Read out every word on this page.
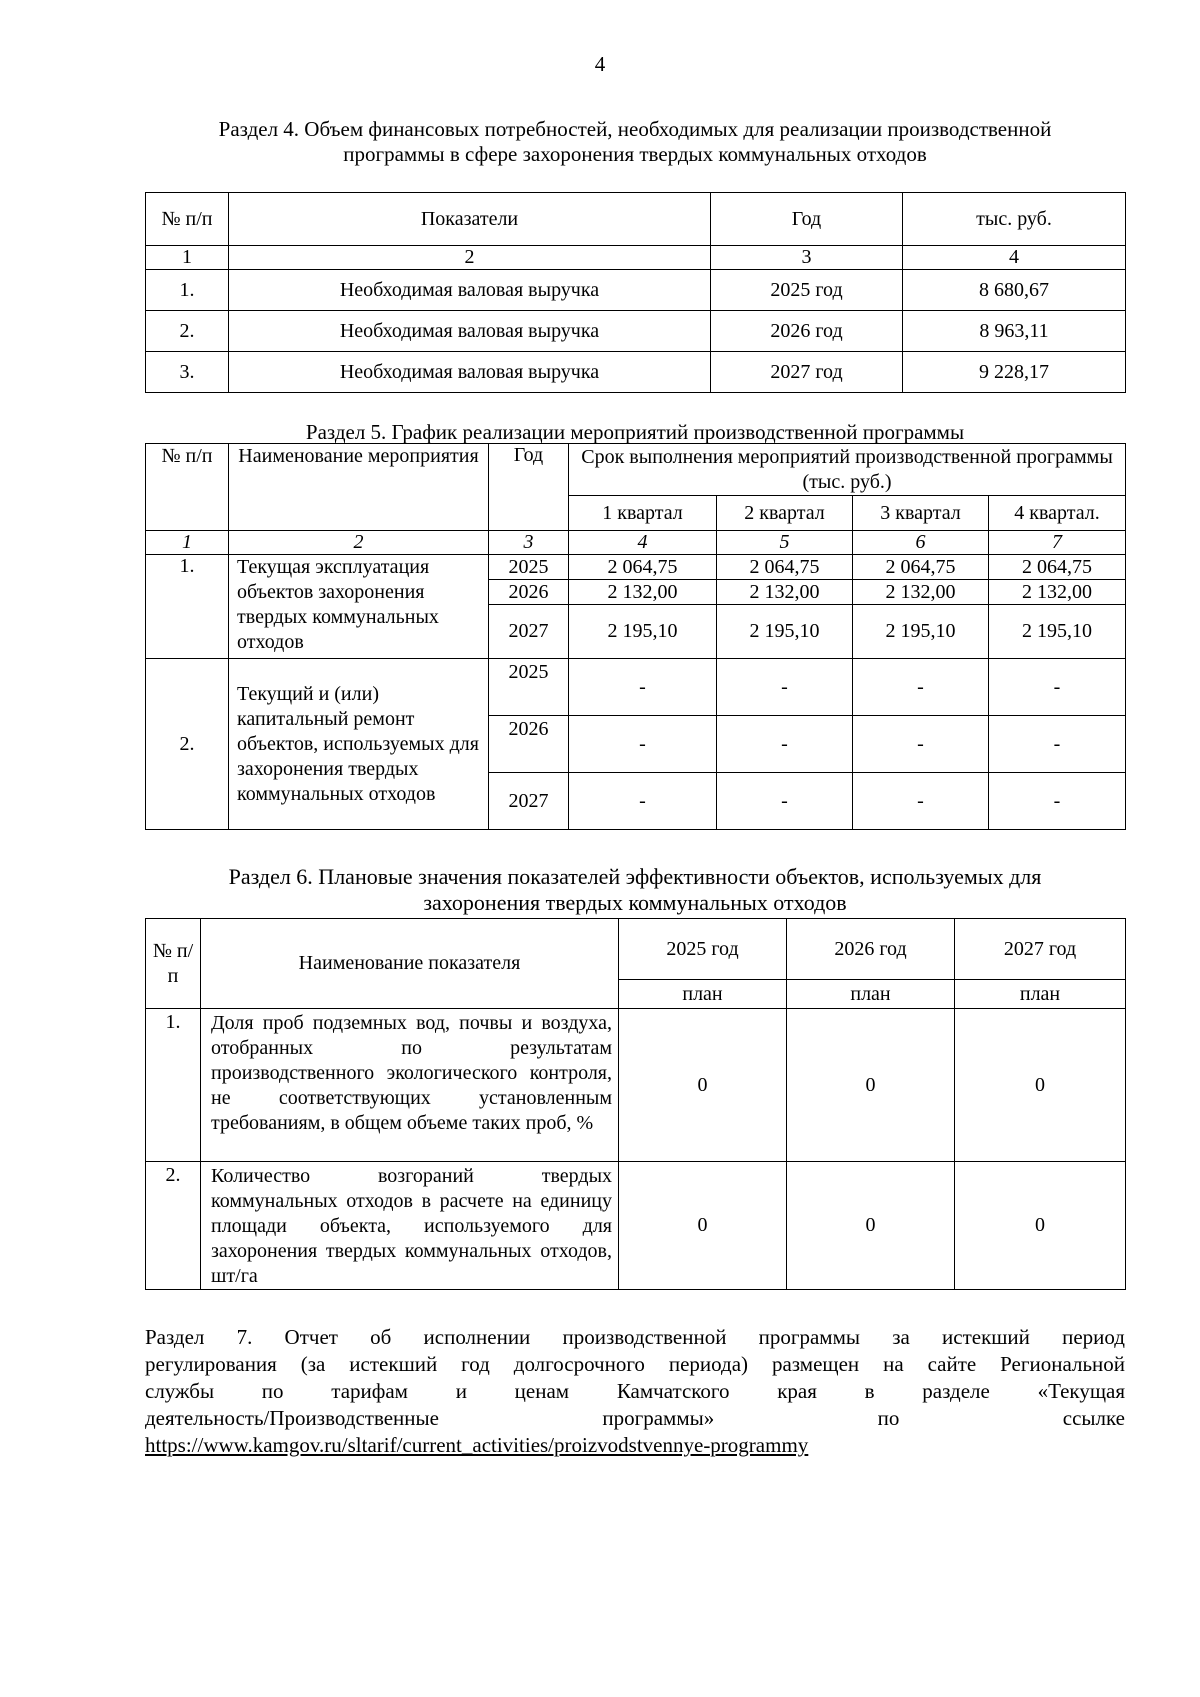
4
Раздел 4. Объем финансовых потребностей, необходимых для реализации производственной
программы в сфере захоронения твердых коммунальных отходов
№ п/п	Показатели	Год	тыс. руб.
1	2	3	4
1.	Необходимая валовая выручка	2025 год	8 680,67
2.	Необходимая валовая выручка	2026 год	8 963,11
3.	Необходимая валовая выручка	2027 год	9 228,17
Раздел 5. График реализации мероприятий производственной программы
№ п/п	Наименование мероприятия	Год	Срок выполнения мероприятий производственной программы (тыс. руб.)			
			1 квартал	2 квартал	3 квартал	4 квартал.
1	2	3	4	5	6	7
1.	Текущая эксплуатация объектов захоронения твердых коммунальных отходов	2025	2 064,75	2 064,75	2 064,75	2 064,75
		2026	2 132,00	2 132,00	2 132,00	2 132,00
		2027	2 195,10	2 195,10	2 195,10	2 195,10
2.	Текущий и (или) капитальный ремонт объектов, используемых для захоронения твердых коммунальных отходов	2025	-	-	-	-
		2026	-	-	-	-
		2027	-	-	-	-
Раздел 6. Плановые значения показателей эффективности объектов, используемых для
захоронения твердых коммунальных отходов
№ п/п	Наименование показателя	2025 год	2026 год	2027 год
		план	план	план
1.	Доля проб подземных вод, почвы и воздуха, отобранных по результатам производственного экологического контроля, не соответствующих установленным требованиям, в общем объеме таких проб, %	0	0	0
2.	Количество возгораний твердых коммунальных отходов в расчете на единицу площади объекта, используемого для захоронения твердых коммунальных отходов, шт/га	0	0	0
Раздел 7. Отчет об исполнении производственной программы за истекший период
регулирования (за истекший год долгосрочного периода) размещен на сайте Региональной
службы по тарифам и ценам Камчатского края в разделе «Текущая
деятельность/Производственные программы» по ссылке
https://www.kamgov.ru/sltarif/current_activities/proizvodstvennye-programmy
